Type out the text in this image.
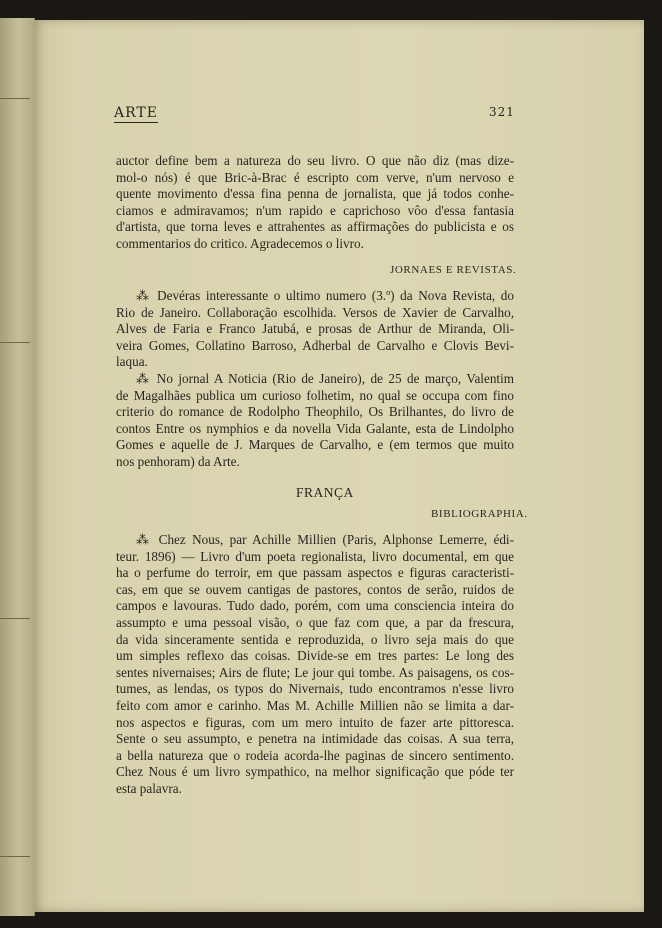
ARTE	321
auctor define bem a natureza do seu livro. O que não diz (mas dize-
mol-o nós) é que Bric-à-Brac é escripto com verve, n'um nervoso e
quente movimento d'essa fina penna de jornalista, que já todos conhe-
ciamos e admiravamos; n'um rapido e caprichoso vôo d'essa fantasia
d'artista, que torna leves e attrahentes as affirmações do publicista e os
commentarios do critico. Agradecemos o livro.
JORNAES E REVISTAS.
⁂ Devéras interessante o ultimo numero (3.º) da Nova Revista, do
Rio de Janeiro. Collaboração escolhida. Versos de Xavier de Carvalho,
Alves de Faria e Franco Jatubá, e prosas de Arthur de Miranda, Oli-
veira Gomes, Collatino Barroso, Adherbal de Carvalho e Clovis Bevi-
laqua.
⁂ No jornal A Noticia (Rio de Janeiro), de 25 de março, Valentim
de Magalhães publica um curioso folhetim, no qual se occupa com fino
criterio do romance de Rodolpho Theophilo, Os Brilhantes, do livro de
contos Entre os nymphios e da novella Vida Galante, esta de Lindolpho
Gomes e aquelle de J. Marques de Carvalho, e (em termos que muito
nos penhoram) da Arte.
FRANÇA
BIBLIOGRAPHIA.
⁂ Chez Nous, par Achille Millien (Paris, Alphonse Lemerre, édi-
teur. 1896) — Livro d'um poeta regionalista, livro documental, em que
ha o perfume do terroir, em que passam aspectos e figuras caracteristi-
cas, em que se ouvem cantigas de pastores, contos de serão, ruidos de
campos e lavouras. Tudo dado, porém, com uma consciencia inteira do
assumpto e uma pessoal visão, o que faz com que, a par da frescura,
da vida sinceramente sentida e reproduzida, o livro seja mais do que
um simples reflexo das coisas. Divide-se em tres partes: Le long des
sentes nivernaises; Airs de flute; Le jour qui tombe. As paisagens, os cos-
tumes, as lendas, os typos do Nivernais, tudo encontramos n'esse livro
feito com amor e carinho. Mas M. Achille Millien não se limita a dar-
nos aspectos e figuras, com um mero intuito de fazer arte pittoresca.
Sente o seu assumpto, e penetra na intimidade das coisas. A sua terra,
a bella natureza que o rodeia acorda-lhe paginas de sincero sentimento.
Chez Nous é um livro sympathico, na melhor significação que póde ter
esta palavra.
